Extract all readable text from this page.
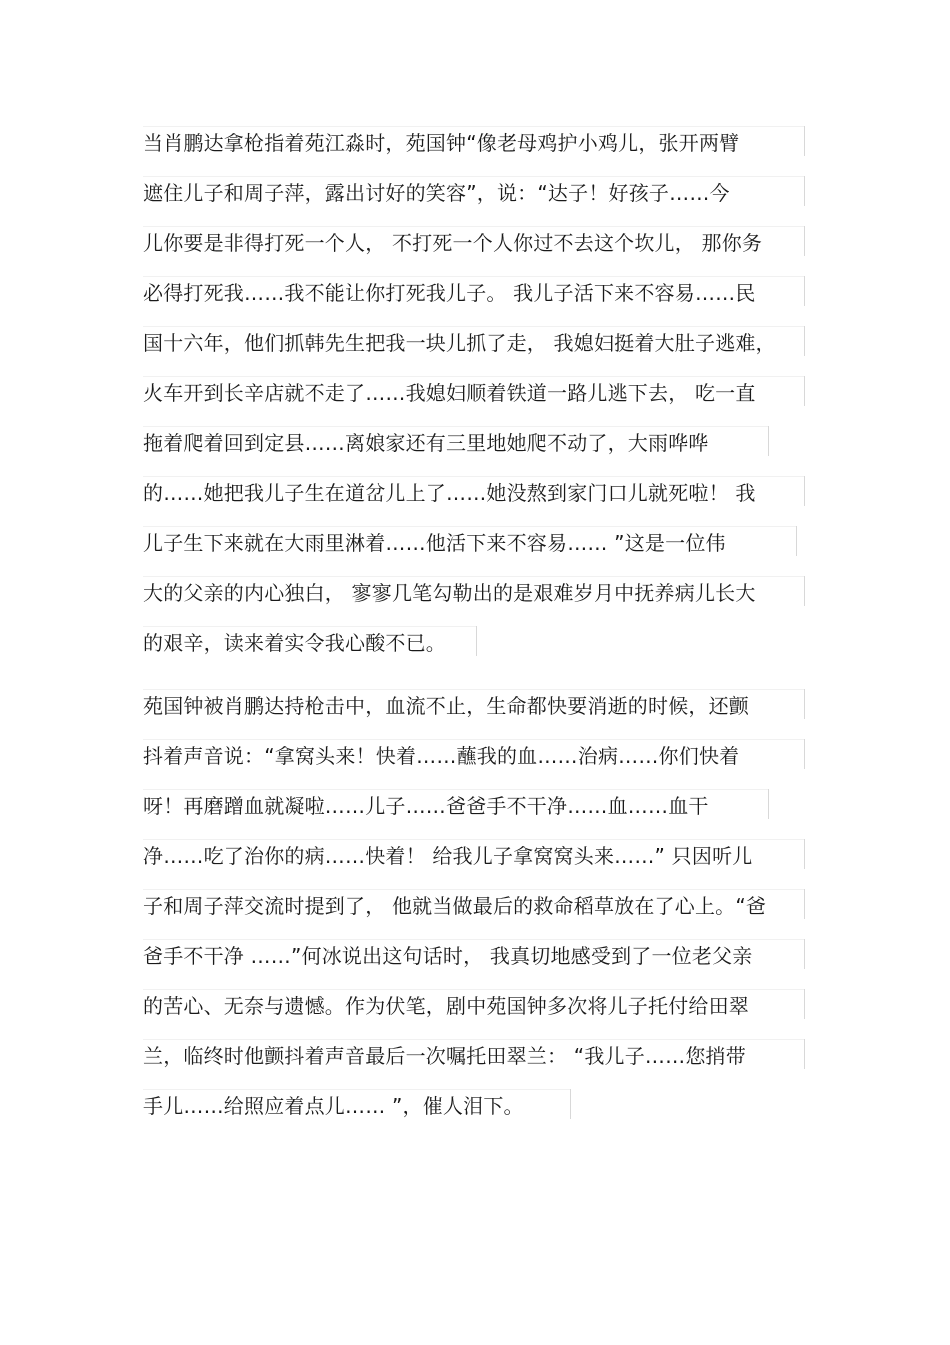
当肖鹏达拿枪指着苑江淼时，苑国钟“像老母鸡护小鸡儿，张开两臂
遮住儿子和周子萍，露出讨好的笑容”，说：“达子！好孩子……今
儿你要是非得打死一个人， 不打死一个人你过不去这个坎儿， 那你务
必得打死我……我不能让你打死我儿子。 我儿子活下来不容易……民
国十六年，他们抓韩先生把我一块儿抓了走， 我媳妇挺着大肚子逃难，
火车开到长辛店就不走了……我媳妇顺着铁道一路儿逃下去， 吃一直
拖着爬着回到定县……离娘家还有三里地她爬不动了，大雨哗哗
的……她把我儿子生在道岔儿上了……她没熬到家门口儿就死啦！ 我
儿子生下来就在大雨里淋着……他活下来不容易…… ”这是一位伟
大的父亲的内心独白， 寥寥几笔勾勒出的是艰难岁月中抚养病儿长大
的艰辛，读来着实令我心酸不已。
苑国钟被肖鹏达持枪击中，血流不止，生命都快要消逝的时候，还颤
抖着声音说：“拿窝头来！快着……蘸我的血……治病……你们快着
呀！再磨蹭血就凝啦……儿子……爸爸手不干净……血……血干
净……吃了治你的病……快着！ 给我儿子拿窝窝头来……” 只因听儿
子和周子萍交流时提到了， 他就当做最后的救命稻草放在了心上。“爸
爸手不干净 ……”何冰说出这句话时， 我真切地感受到了一位老父亲
的苦心、无奈与遗憾。作为伏笔，剧中苑国钟多次将儿子托付给田翠
兰，临终时他颤抖着声音最后一次嘱托田翠兰： “我儿子……您捎带
手儿……给照应着点儿…… ”，催人泪下。
